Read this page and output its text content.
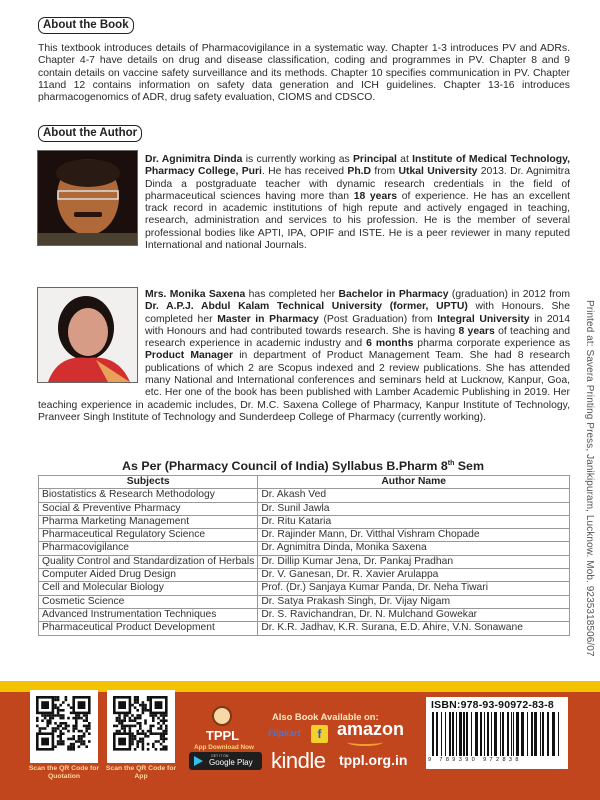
About the Book
This textbook introduces details of Pharmacovigilance in a systematic way. Chapter 1-3 introduces PV and ADRs. Chapter 4-7 have details on drug and disease classification, coding and programmes in PV. Chapter 8 and 9 contain details on vaccine safety surveillance and its methods. Chapter 10 specifies communication in PV. Chapter 11and 12 contains information on safety data generation and ICH guidelines. Chapter 13-16 introduces pharmacogenomics of ADR, drug safety evaluation, CIOMS and CDSCO.
About the Author
Dr. Agnimitra Dinda is currently working as Principal at Institute of Medical Technology, Pharmacy College, Puri. He has received Ph.D from Utkal University 2013. Dr. Agnimitra Dinda a postgraduate teacher with dynamic research credentials in the field of pharmaceutical sciences having more than 18 years of experience. He has an excellent track record in academic institutions of high repute and actively engaged in teaching, research, administration and services to his profession. He is the member of several professional bodies like APTI, IPA, OPIF and ISTE. He is a peer reviewer in many reputed International and national Journals.
Mrs. Monika Saxena has completed her Bachelor in Pharmacy (graduation) in 2012 from Dr. A.P.J. Abdul Kalam Technical University (former, UPTU) with Honours. She completed her Master in Pharmacy (Post Graduation) from Integral University in 2014 with Honours and had contributed towards research. She is having 8 years of teaching and research experience in academic industry and 6 months pharma corporate experience as Product Manager in department of Product Management Team. She had 8 research publications of which 2 are Scopus indexed and 2 review publications. She has attended many National and International conferences and seminars held at Lucknow, Kanpur, Goa, etc. Her one of the book has been published with Lamber Academic Publishing in 2019. Her teaching experience in academic includes, Dr. M.C. Saxena College of Pharmacy, Kanpur Institute of Technology, Pranveer Singh Institute of Technology and Sunderdeep College of Pharmacy (currently working).	Printed at: Savera Printing Press, Janikipuram, Lucknow. Mob. 9235318506/07
As Per (Pharmacy Council of India) Syllabus B.Pharm 8th Sem
Subjects	Author Name
Biostatistics & Research Methodology	Dr. Akash Ved
Social & Preventive Pharmacy	Dr. Sunil Jawla
Pharma Marketing Management	Dr. Ritu Kataria
Pharmaceutical Regulatory Science	Dr. Rajinder Mann, Dr. Vitthal Vishram Chopade
Pharmacovigilance	Dr. Agnimitra Dinda, Monika Saxena
Quality Control and Standardization of Herbals	Dr. Dillip Kumar Jena, Dr. Pankaj Pradhan
Computer Aided Drug Design	Dr. V. Ganesan, Dr. R. Xavier Arulappa
Cell and Molecular Biology	Prof. (Dr.) Sanjaya Kumar Panda, Dr. Neha Tiwari
Cosmetic Science	Dr. Satya Prakash Singh, Dr. Vijay Nigam
Advanced Instrumentation Techniques	Dr. S. Ravichandran, Dr. N. Mulchand Gowekar
Pharmaceutical Product Development	Dr. K.R. Jadhav, K.R. Surana, E.D. Ahire, V.N. Sonawane
Scan the QR Code for Quotation
Scan the QR Code for App
TPPL
App Download Now
GET IT ON
Google Play
Also Book Available on:
Flipkart	f amazon
kindle tppl.org.in
ISBN:978-93-90972-83-8
9 789390 972838
